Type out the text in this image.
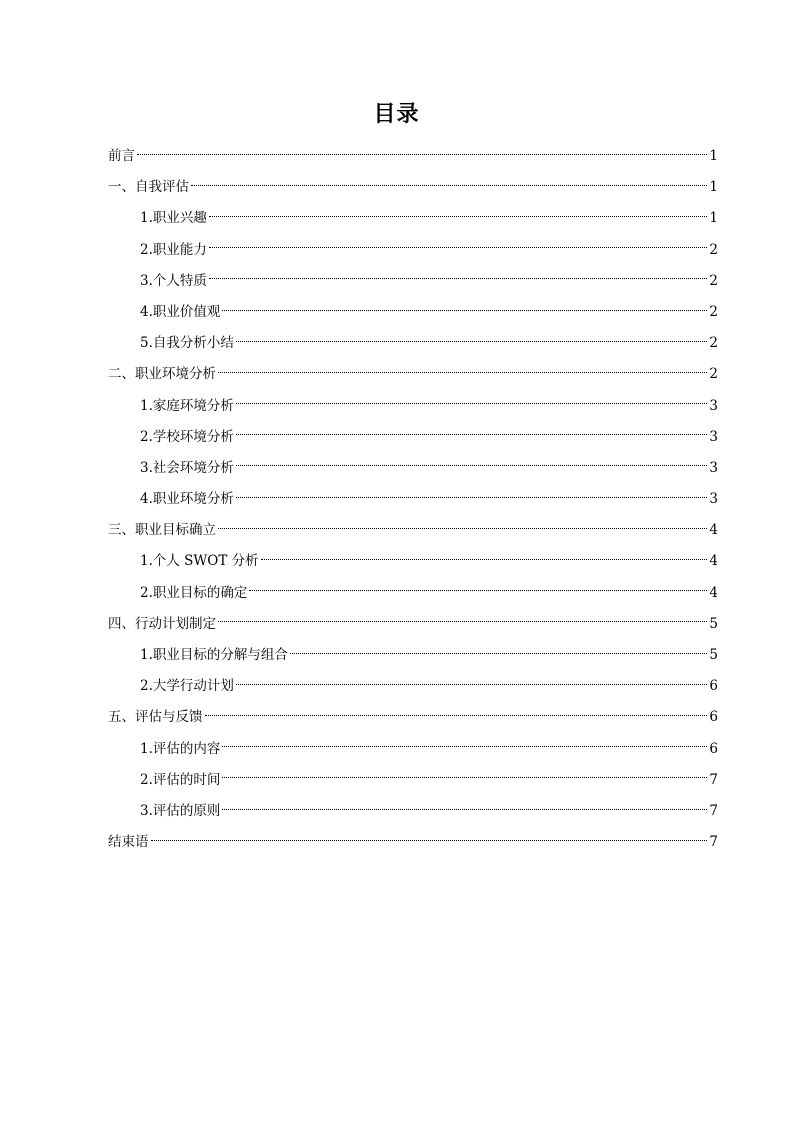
目录
前言	1
一、自我评估	1
1.职业兴趣	1
2.职业能力	2
3.个人特质	2
4.职业价值观	2
5.自我分析小结	2
二、职业环境分析	2
1.家庭环境分析	3
2.学校环境分析	3
3.社会环境分析	3
4.职业环境分析	3
三、职业目标确立	4
1.个人 SWOT 分析	4
2.职业目标的确定	4
四、行动计划制定	5
1.职业目标的分解与组合	5
2.大学行动计划	6
五、评估与反馈	6
1.评估的内容	6
2.评估的时间	7
3.评估的原则	7
结束语	7
